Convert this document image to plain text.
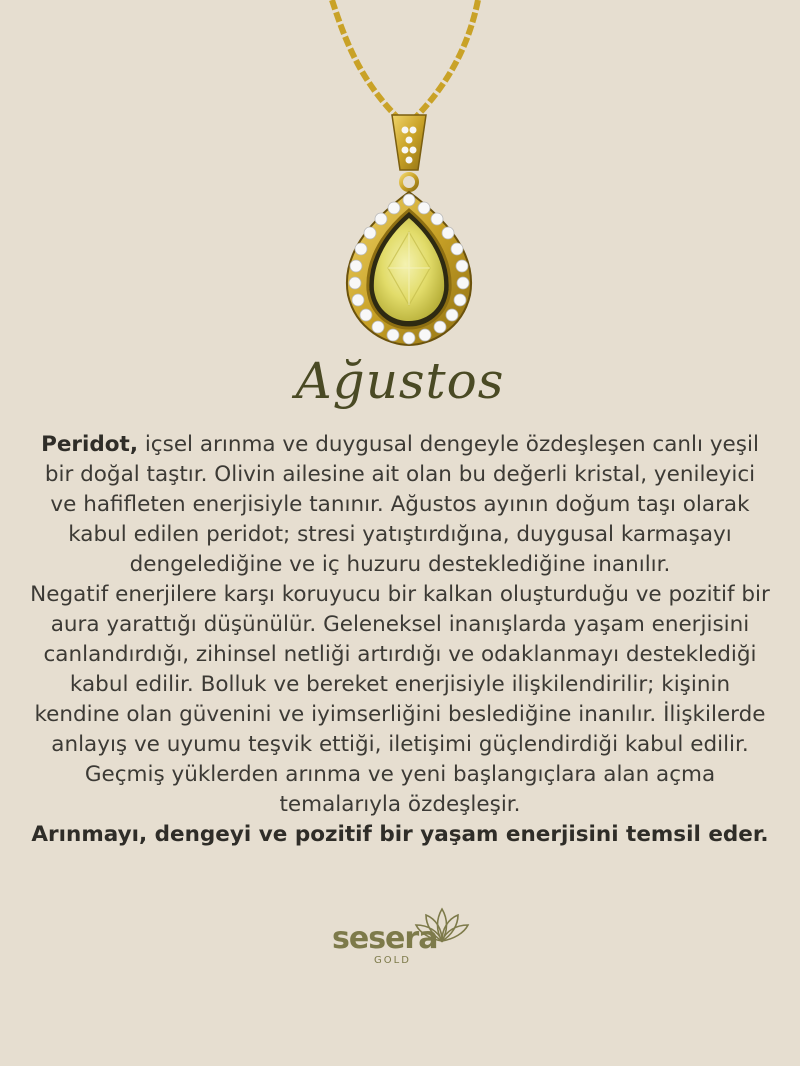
Ağustos

Peridot, içsel arınma ve duygusal dengeyle özdeşleşen canlı yeşil bir doğal taştır. Olivin ailesine ait olan bu değerli kristal, yenileyici ve hafifleten enerjisiyle tanınır. Ağustos ayının doğum taşı olarak kabul edilen peridot; stresi yatıştırdığına, duygusal karmaşayı dengelediğine ve iç huzuru desteklediğine inanılır.

Negatif enerjilere karşı koruyucu bir kalkan oluşturduğu ve pozitif bir aura yarattığı düşünülür. Geleneksel inanışlarda yaşam enerjisini canlandırdığı, zihinsel netliği artırdığı ve odaklanmayı desteklediği kabul edilir. Bolluk ve bereket enerjisiyle ilişkilendirilir; kişinin kendine olan güvenini ve iyimserliğini beslediğine inanılır. İlişkilerde anlayış ve uyumu teşvik ettiği, iletişimi güçlendirdiği kabul edilir. Geçmiş yüklerden arınma ve yeni başlangıçlara alan açma temalarıyla özdeşleşir.

Arınmayı, dengeyi ve pozitif bir yaşam enerjisini temsil eder.

sesera
GOLD
